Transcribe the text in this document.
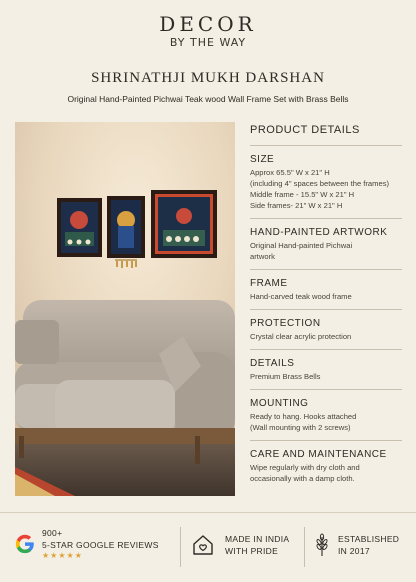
DECOR
BY THE WAY
SHRINATHJI MUKH DARSHAN
Original Hand-Painted Pichwai Teak wood Wall Frame Set with Brass Bells
PRODUCT DETAILS
SIZE
Approx 65.5" W x 21" H
(including 4" spaces between the frames)
Middle frame - 15.5" W x 21" H
Side frames- 21" W x 21" H
HAND-PAINTED ARTWORK
Original Hand-painted Pichwai
artwork
FRAME
Hand-carved teak wood frame
PROTECTION
Crystal clear acrylic protection
DETAILS
Premium Brass Bells
MOUNTING
Ready to hang. Hooks attached
(Wall mounting with 2 screws)
CARE AND MAINTENANCE
Wipe regularly with dry cloth and
occasionally with a damp cloth.
900+
5-STAR GOOGLE REVIEWS
★★★★★
MADE IN INDIA
WITH PRIDE
ESTABLISHED
IN 2017
